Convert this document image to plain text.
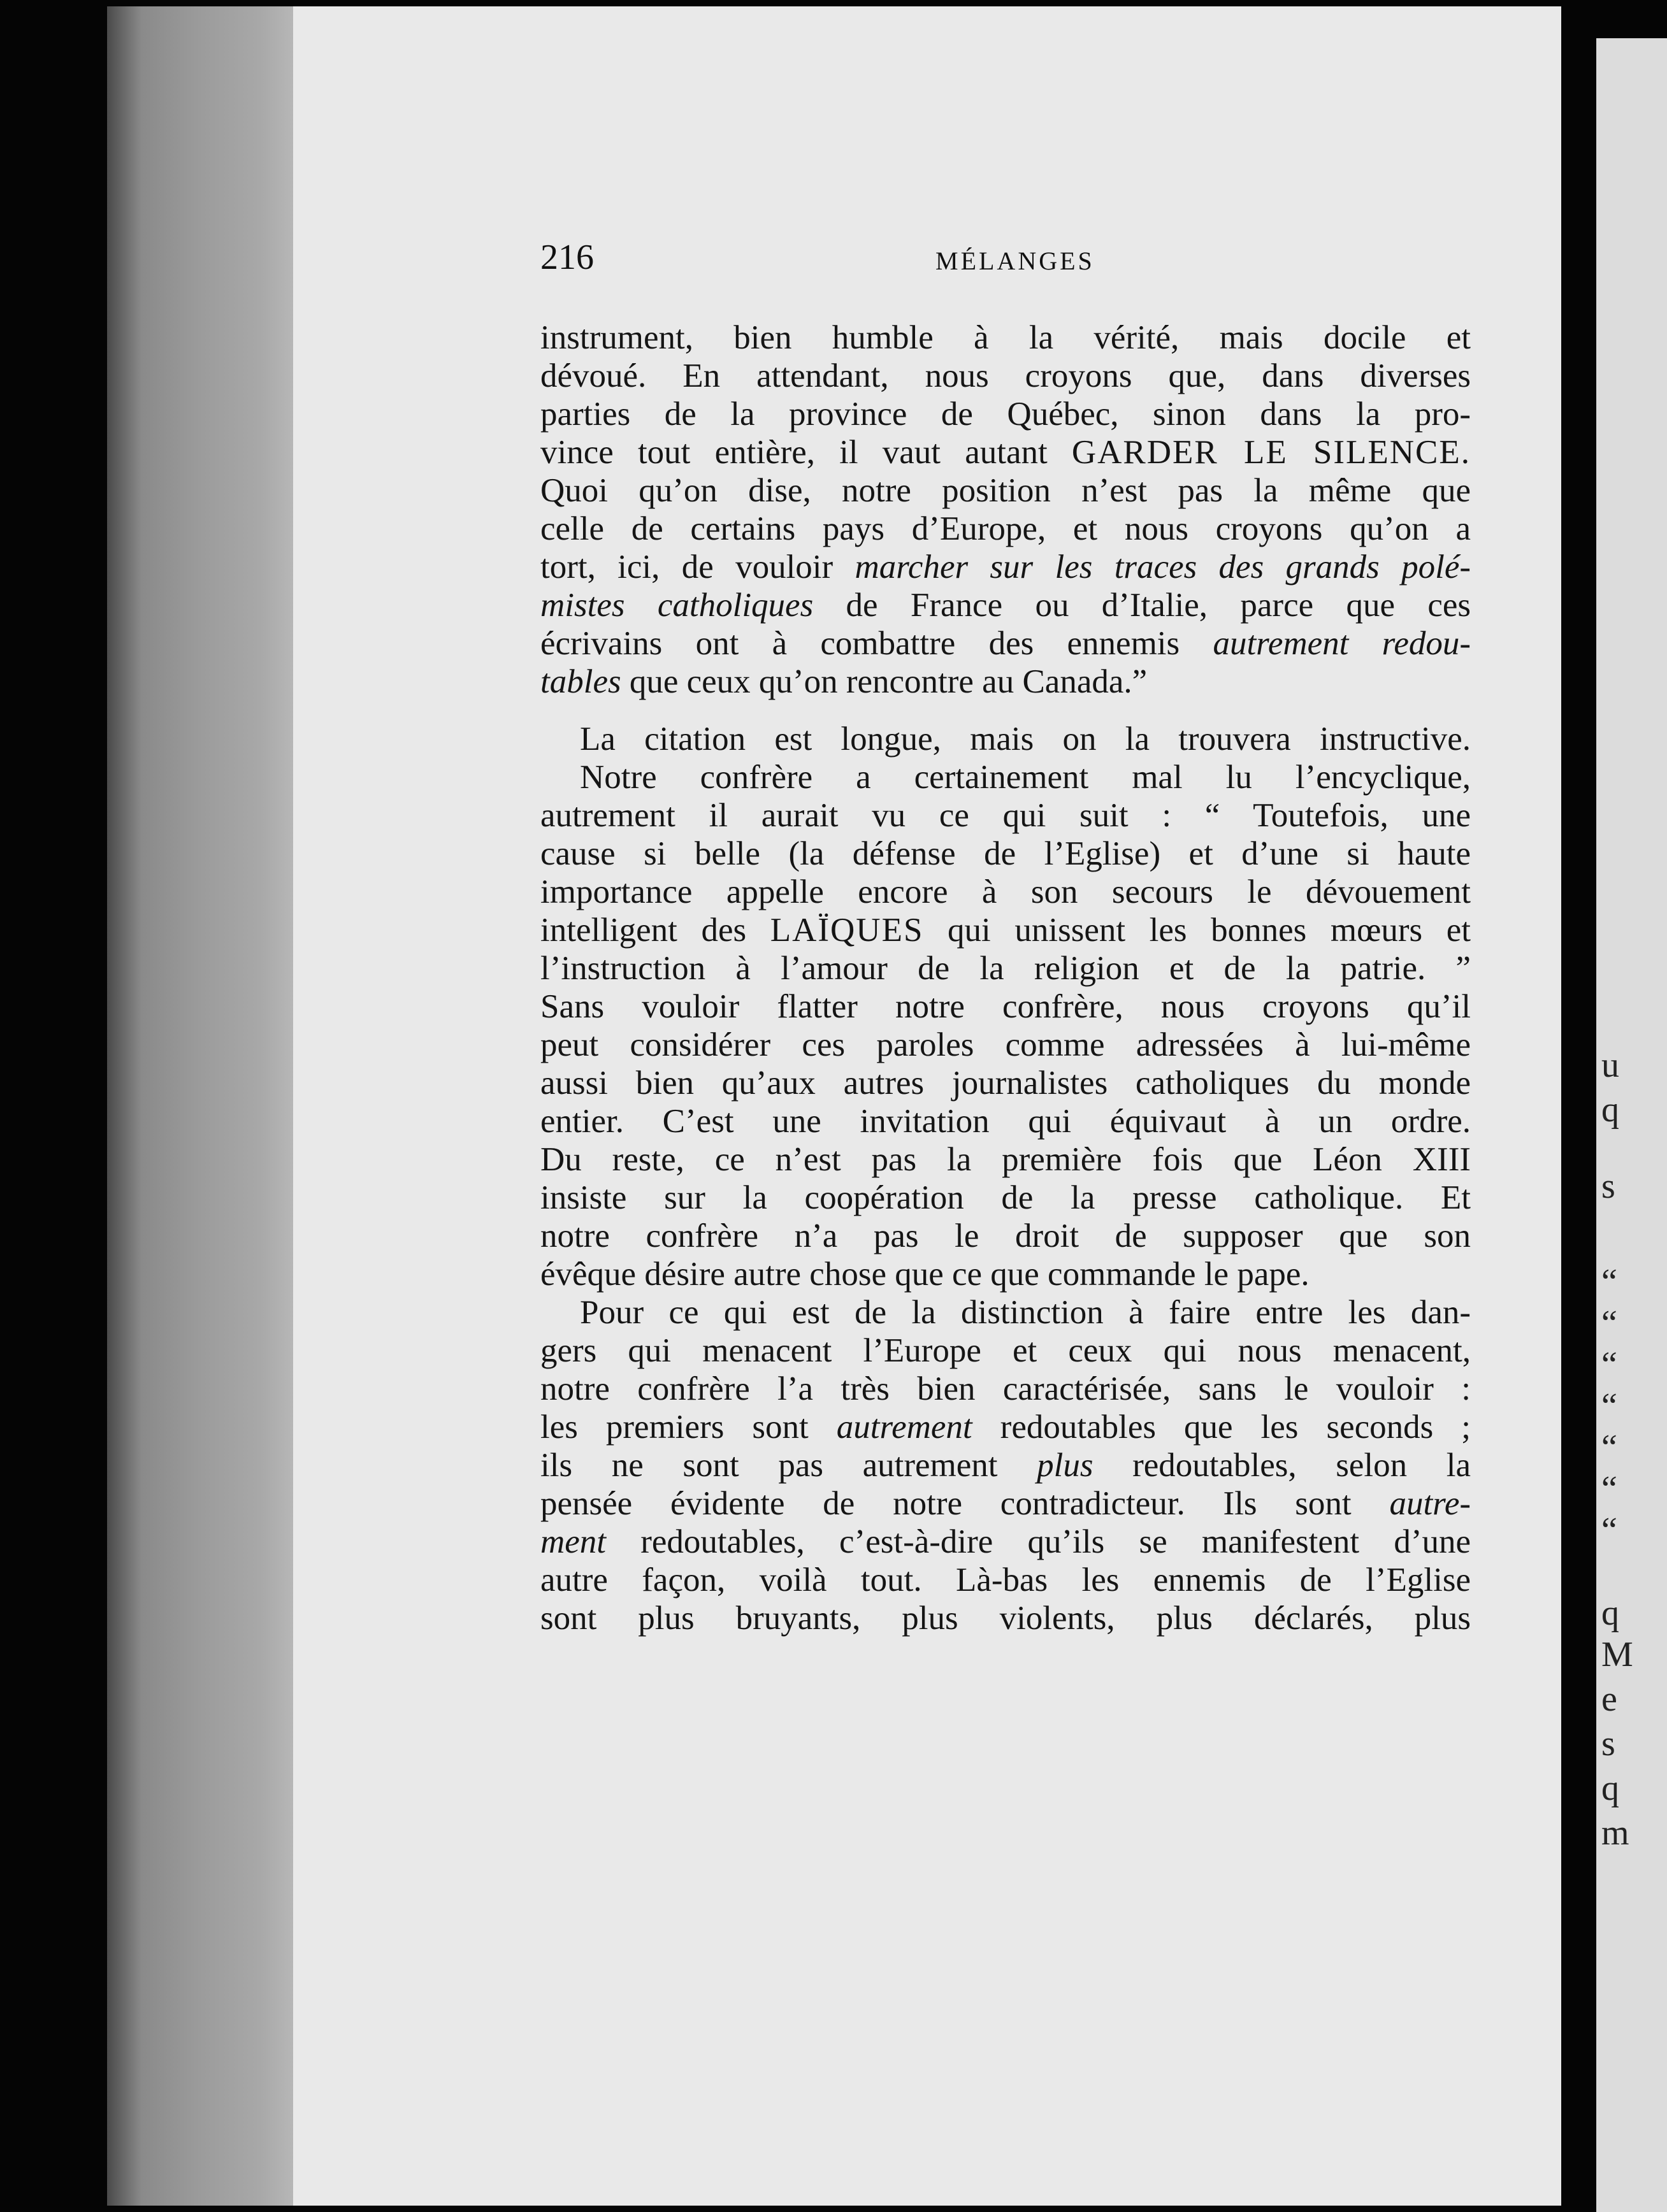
u
q
s
“
“
“
“
“
“
“
q
M
e
s
q
m
216	MÉLANGES
instrument, bien humble à la vérité, mais docile et
dévoué. En attendant, nous croyons que, dans diverses
parties de la province de Québec, sinon dans la pro-
vince tout entière, il vaut autant GARDER LE SILENCE.
Quoi qu’on dise, notre position n’est pas la même que
celle de certains pays d’Europe, et nous croyons qu’on a
tort, ici, de vouloir marcher sur les traces des grands polé-
mistes catholiques de France ou d’Italie, parce que ces
écrivains ont à combattre des ennemis autrement redou-
tables que ceux qu’on rencontre au Canada.”
La citation est longue, mais on la trouvera instructive.
Notre confrère a certainement mal lu l’encyclique,
autrement il aurait vu ce qui suit : “ Toutefois, une
cause si belle (la défense de l’Eglise) et d’une si haute
importance appelle encore à son secours le dévouement
intelligent des LAÏQUES qui unissent les bonnes mœurs et
l’instruction à l’amour de la religion et de la patrie. ”
Sans vouloir flatter notre confrère, nous croyons qu’il
peut considérer ces paroles comme adressées à lui-même
aussi bien qu’aux autres journalistes catholiques du monde
entier. C’est une invitation qui équivaut à un ordre.
Du reste, ce n’est pas la première fois que Léon XIII
insiste sur la coopération de la presse catholique. Et
notre confrère n’a pas le droit de supposer que son
évêque désire autre chose que ce que commande le pape.
Pour ce qui est de la distinction à faire entre les dan-
gers qui menacent l’Europe et ceux qui nous menacent,
notre confrère l’a très bien caractérisée, sans le vouloir :
les premiers sont autrement redoutables que les seconds ;
ils ne sont pas autrement plus redoutables, selon la
pensée évidente de notre contradicteur. Ils sont autre-
ment redoutables, c’est-à-dire qu’ils se manifestent d’une
autre façon, voilà tout. Là-bas les ennemis de l’Eglise
sont plus bruyants, plus violents, plus déclarés, plus
